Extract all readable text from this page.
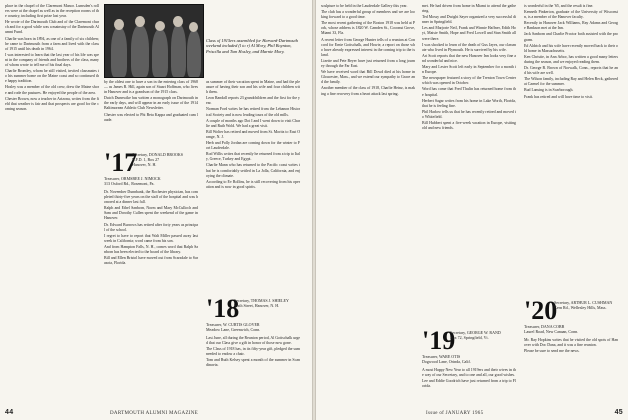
place in the chapel of the Claremont Manor. Lumsden's rollers were at the chapel as well as in the reception rooms of the country, including first prize last year.

He wrote of the Dartmouth Club and of the Claremont church and for a good while was a mainstay of the Dartmouth Alumni Fund.

Charlie was born in 1894, as one of a family of six children; he came to Dartmouth from a farm and lived with the class of 1915 until his death in 1964.

I was interested to learn that the last year of his life was spent in the company of friends and brothers of the class, many of whom wrote to tell me of his final days.

Charlie Bromley, whom he still visited, invited classmates to his summer home on the Maine coast and so continued the happy tradition.

Hosley was a member of the old crew, drew the Maine shore and rode the pastures. He enjoyed the people of the area.

Chester Brown, now a teacher in Arizona, writes from the field that weather is fair and that prospects are good for the coming season.

Class of 1915ers assembled for Harvard-Dartmouth weekend included (l to r) Al Mory, Phil Boynton, Priscilla and Tom Hosley, and Marnie Mory.

by the oldest one to have a son in the entering class of 1968 — as James R. Hill, again son of Stuart Hoffman, who lives in Hanover and is a grandson of the 1915 class.

Dutch Dunnwike has written a monograph on Dartmouth in the early days, and will appear in an early issue of the 1914 Baltimorean Athletic Club Newsletter.

Chester was elected to Phi Beta Kappa and graduated cum laude.

'17
Secretary, DONALD BROOKS
R.F.D. 1, Box 27
Hanover, N. H.
Treasurer, ORMSBEE J. NIMOCK
313 Oxford Rd., Rosemont, Pa.

Dr. November Dunnbank, the Rochester physician, has completed thirty-five years on the staff of the hospital and was honored at a dinner last fall.

Ralph and Ethel Sanborn, Norm and Mary McCulloch and Sam and Dorothy Cullen spent the weekend of the game in Hanover.

Dr. Edward Burrows has retired after forty years as principal of the school.

I regret to have to report that Walt Miller passed away last week in California; word came from his son.

And from Hampton Falls, N. H., comes word that Ralph Sanborn has been elected to the board of the library.

Bill and Ellen Bristol have moved out from Scarsdale to Sarasota, Florida.

as summer of their vacation spent in Maine, and had the pleasure of having their son and his wife and four children with them.

Leon Randall reports 23 grandchildren and the first for the year.

Norman Ford writes he has retired from the Lebanon Historical Society and is now leading tours of the old mills.

A couple of months ago Dot I and I went down to visit Charlie and Ruth Wold. We had a great visit.

Bill Wolter has retired and moved from St. Moritz to East Orange, N. J.

Herb and Polly Jordan are coming down for the winter to Fort Lauderdale.

Rod Willis writes that recently he returned from a trip to Italy, Greece, Turkey and Egypt.

Charlie Mann who has returned to the Pacific coast writes that he is comfortably settled in La Jolla, California, and enjoying the climate.

According to Ev Rollins, he is still recovering from his operation and is now in good spirits.

'18
Secretary, THOMAS J. SHIELEY
Sixth Street, Hanover, N. H.
Treasurer, W. CURTIS GLOVER
Meadow Lane, Greenwich, Conn.

Last June, all during the Reunion period, Al Gottschalk urged that our Class give a gift in honor of those now gone.

The Class of 1918 has, in its fifty-year gift, pledged the sum needed to endow a chair.

Tom and Ruth Kelsey spent a month of the summer in Scandinavia.

44	DARTMOUTH ALUMNI MAGAZINE

sculpture to be held in the Lauderdale Gallery this year.

The club has a wonderful group of members and we are looking forward to a good time.

The most recent gathering of the Boston 1918 was held at Pork, whose address is 1820 W. Camden St., Coconut Grove, Miami 33, Fla.

A recent letter from George Hunter tells of a reunion at Concord for Ernie Gottschalk, and Howie, a report on those who have already expressed interest in the coming trip to the island.

Lizette and Pete Beyer have just returned from a long journey through the Far East.

We have received word that Bill Dowd died at his home in Gloucester, Mass., and we extend our sympathy to Grace and the family.

Another member of the class of 1918, Charlie Heinz, is making a fine recovery from a heart attack last spring.

met. He had driven from home in Miami to attend the gathering.

Ted Mossy and Dwight Sayer organized a very successful dinner in Springfield.

Les and Marjorie Neil, Frank and Winnie Haffner, Edith Hoyt, Maisie Smith, Hope and Fred Lowell and Stan Smith all were there.

I was shocked to learn of the death of Gus Jayes, our classmate who lived in Plymouth. He is survived by his wife.

Art Scott reports that the new Hanover Inn looks very fine and wonderful and nice.

Mary and Lester Scott left early in September for a month in Europe.

The newspaper featured a story of the Trenton Town Center which was opened in October.

Word has come that Fred Thulin has returned home from the hospital.

Herbert Sagar writes from his home in Lake Worth, Florida, that he is feeling fine.

Phil Harlow tells us that he has recently retired and moved to Whitefield.

Bill Hubbert spent a five-week vacation in Europe, visiting old and new friends.

'19
Secretary, GEORGE W. RAND
Box 72, Springfield, Vt.
Treasurer, WARE OTIS
Dogwood Lane, Orinda, Calif.

A most Happy New Year to all 1919ers and their wives in the way of our Secretary, and to one and all, our good wishes.

Lee and Eddie Goodrich have just returned from a trip to Florida.

is wonderful in the '65, and the result is fine.

Kenneth Pinkerton, graduate of the University of Wisconsin, is a member of the Hanover faculty.

Recently in Hanover Jack Williams, Ray Adams and George Bankson met at the Inn.

Jack Sanborn and Charlie Proctor both assisted with the program.

Ed Aldrich and his wife have recently moved back to their old home in Massachusetts.

Ken Christie, in Ann Arbor, has written a good many letters during the season, and we enjoyed reading them.

Dr. George B. Brown of Norwalk, Conn., reports that he and his wife are well.

The Wilson family, including Ray and Helen Beck, gathered at Carmel for the summer.

Bud Lansing is in Scarborough.

Frank has retired and will have time to visit.

'20
Secretary, ARTHUR L. CUSHMAN
Kern Rd., Wellesley Hills, Mass.
Treasurer, DANA COBB
Laurel Road, New Canaan, Conn.

Mr. Ray Hopkins writes that he visited the old spots of Hanover with Doc Dana, and it was a fine reunion.

Please be sure to send me the news.

Issue of JANUARY 1965	45
